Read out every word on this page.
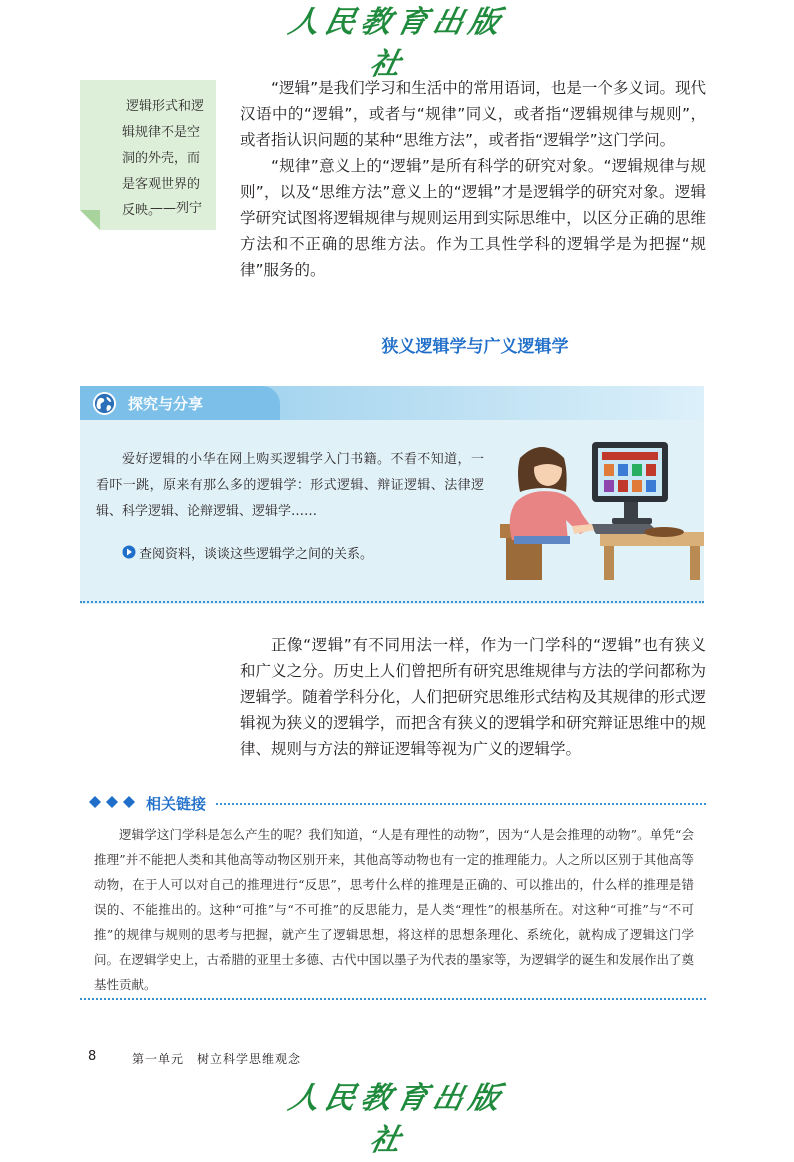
人民教育出版社
逻辑形式和逻辑规律不是空洞的外壳，而是客观世界的反映。
——列宁

“逻辑”是我们学习和生活中的常用语词，也是一个多义词。现代汉语中的“逻辑”，或者与“规律”同义，或者指“逻辑规律与规则”，或者指认识问题的某种“思维方法”，或者指“逻辑学”这门学问。

“规律”意义上的“逻辑”是所有科学的研究对象。“逻辑规律与规则”，以及“思维方法”意义上的“逻辑”才是逻辑学的研究对象。逻辑学研究试图将逻辑规律与规则运用到实际思维中，以区分正确的思维方法和不正确的思维方法。作为工具性学科的逻辑学是为把握“规律”服务的。

狭义逻辑学与广义逻辑学
探究与分享
爱好逻辑的小华在网上购买逻辑学入门书籍。不看不知道，一看吓一跳，原来有那么多的逻辑学：形式逻辑、辩证逻辑、法律逻辑、科学逻辑、论辩逻辑、逻辑学……
查阅资料，谈谈这些逻辑学之间的关系。

正像“逻辑”有不同用法一样，作为一门学科的“逻辑”也有狭义和广义之分。历史上人们曾把所有研究思维规律与方法的学问都称为逻辑学。随着学科分化，人们把研究思维形式结构及其规律的形式逻辑视为狭义的逻辑学，而把含有狭义的逻辑学和研究辩证思维中的规律、规则与方法的辩证逻辑等视为广义的逻辑学。

相关链接
逻辑学这门学科是怎么产生的呢？我们知道，“人是有理性的动物”，因为“人是会推理的动物”。单凭“会推理”并不能把人类和其他高等动物区别开来，其他高等动物也有一定的推理能力。人之所以区别于其他高等动物，在于人可以对自己的推理进行“反思”，思考什么样的推理是正确的、可以推出的，什么样的推理是错误的、不能推出的。这种“可推”与“不可推”的反思能力，是人类“理性”的根基所在。对这种“可推”与“不可推”的规律与规则的思考与把握，就产生了逻辑思想，将这样的思想条理化、系统化，就构成了逻辑这门学问。在逻辑学史上，古希腊的亚里士多德、古代中国以墨子为代表的墨家等，为逻辑学的诞生和发展作出了奠基性贡献。
8	第一单元　树立科学思维观念
人民教育出版社
